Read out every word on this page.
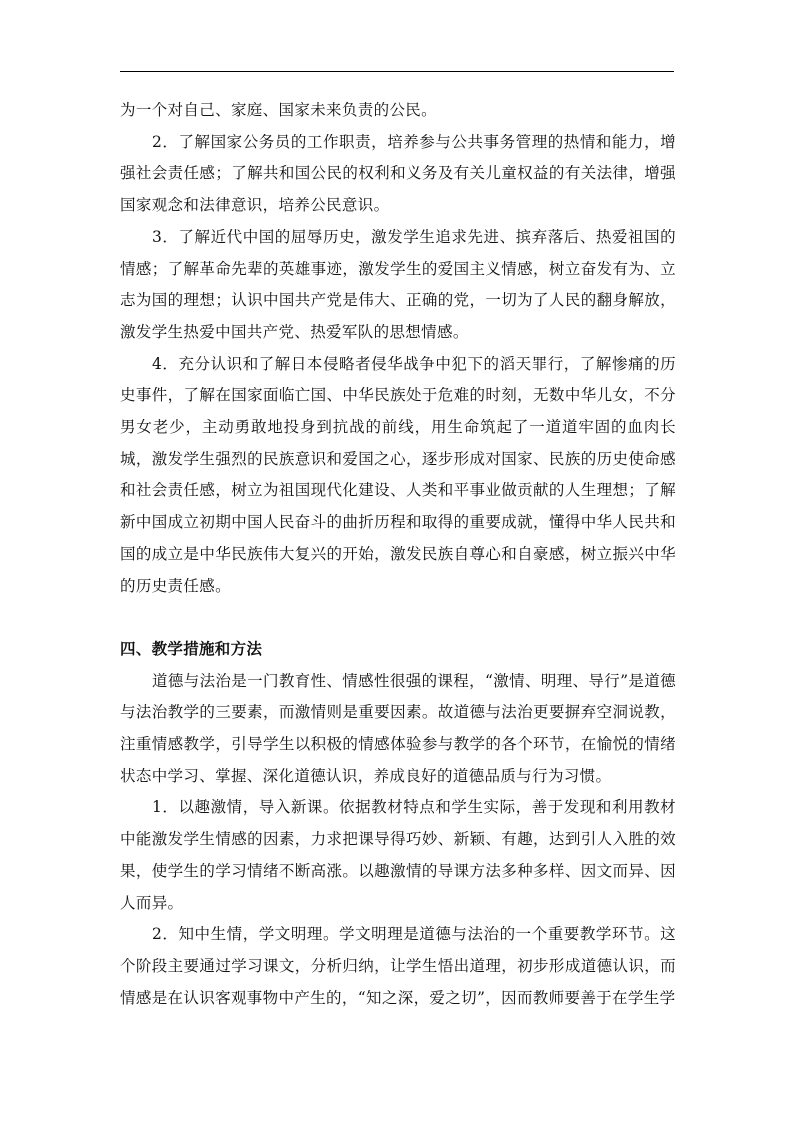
为一个对自己、家庭、国家未来负责的公民。

2．了解国家公务员的工作职责，培养参与公共事务管理的热情和能力，增强社会责任感；了解共和国公民的权利和义务及有关儿童权益的有关法律，增强国家观念和法律意识，培养公民意识。

3．了解近代中国的屈辱历史，激发学生追求先进、摈弃落后、热爱祖国的情感；了解革命先辈的英雄事迹，激发学生的爱国主义情感，树立奋发有为、立志为国的理想；认识中国共产党是伟大、正确的党，一切为了人民的翻身解放，激发学生热爱中国共产党、热爱军队的思想情感。

4．充分认识和了解日本侵略者侵华战争中犯下的滔天罪行，了解惨痛的历史事件，了解在国家面临亡国、中华民族处于危难的时刻，无数中华儿女，不分男女老少，主动勇敢地投身到抗战的前线，用生命筑起了一道道牢固的血肉长城，激发学生强烈的民族意识和爱国之心，逐步形成对国家、民族的历史使命感和社会责任感，树立为祖国现代化建设、人类和平事业做贡献的人生理想；了解新中国成立初期中国人民奋斗的曲折历程和取得的重要成就，懂得中华人民共和国的成立是中华民族伟大复兴的开始，激发民族自尊心和自豪感，树立振兴中华的历史责任感。

四、教学措施和方法

道德与法治是一门教育性、情感性很强的课程，“激情、明理、导行”是道德与法治教学的三要素，而激情则是重要因素。故道德与法治更要摒弃空洞说教，注重情感教学，引导学生以积极的情感体验参与教学的各个环节，在愉悦的情绪状态中学习、掌握、深化道德认识，养成良好的道德品质与行为习惯。

1．以趣激情，导入新课。依据教材特点和学生实际，善于发现和利用教材中能激发学生情感的因素，力求把课导得巧妙、新颖、有趣，达到引人入胜的效果，使学生的学习情绪不断高涨。以趣激情的导课方法多种多样、因文而异、因人而异。

2．知中生情，学文明理。学文明理是道德与法治的一个重要教学环节。这个阶段主要通过学习课文，分析归纳，让学生悟出道理，初步形成道德认识，而情感是在认识客观事物中产生的，“知之深，爱之切”，因而教师要善于在学生学
